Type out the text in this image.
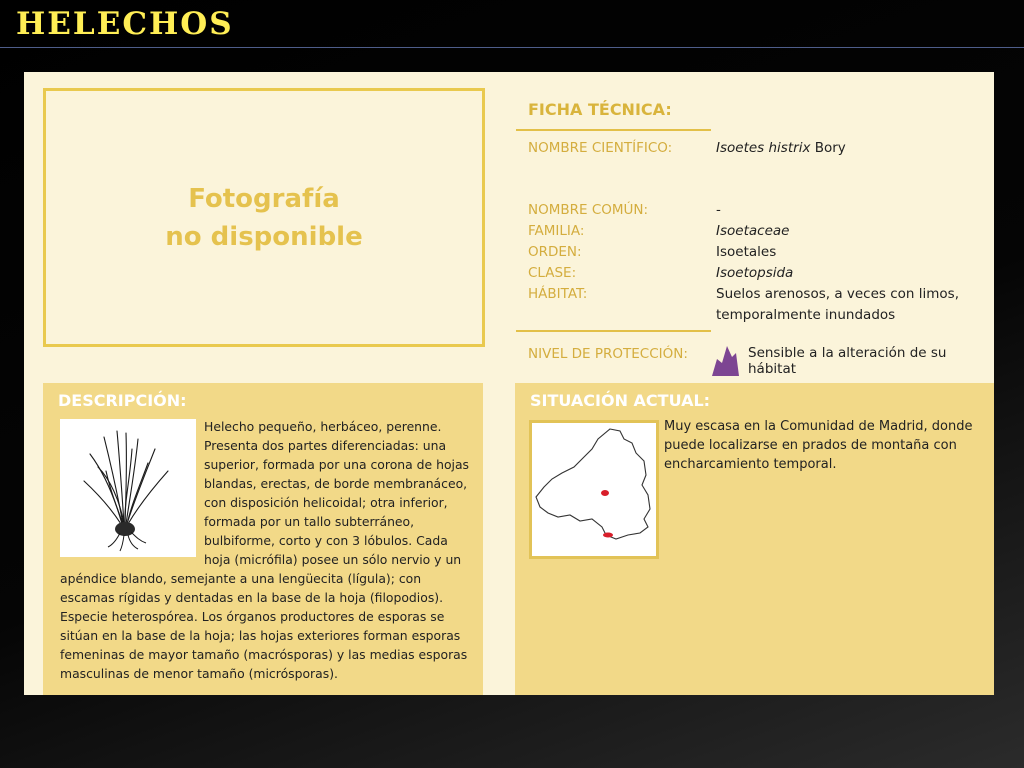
HELECHOS
Fotografía
no disponible
FICHA TÉCNICA:
NOMBRE CIENTÍFICO:	Isoetes histrix Bory
NOMBRE COMÚN:	-
FAMILIA:	Isoetaceae
ORDEN:	Isoetales
CLASE:	Isoetopsida
HÁBITAT:	Suelos arenosos, a veces con limos,
temporalmente inundados
NIVEL DE PROTECCIÓN:	Sensible a la alteración de su
hábitat
DESCRIPCIÓN:
Helecho pequeño, herbáceo, perenne. Presenta dos partes diferenciadas: una superior, formada por una corona de hojas blandas, erectas, de borde membranáceo, con disposición helicoidal; otra inferior, formada por un tallo subterráneo, bulbiforme, corto y con 3 lóbulos. Cada hoja (micrófila) posee un sólo nervio y un apéndice blando, semejante a una lengüecita (lígula); con escamas rígidas y dentadas en la base de la hoja (filopodios). Especie heterospórea. Los órganos productores de esporas se sitúan en la base de la hoja; las hojas exteriores forman esporas femeninas de mayor tamaño (macrósporas) y las medias esporas masculinas de menor tamaño (micrósporas).
SITUACIÓN ACTUAL:

Muy escasa en la Comunidad de Madrid, donde puede localizarse en prados de montaña con encharcamiento temporal.
